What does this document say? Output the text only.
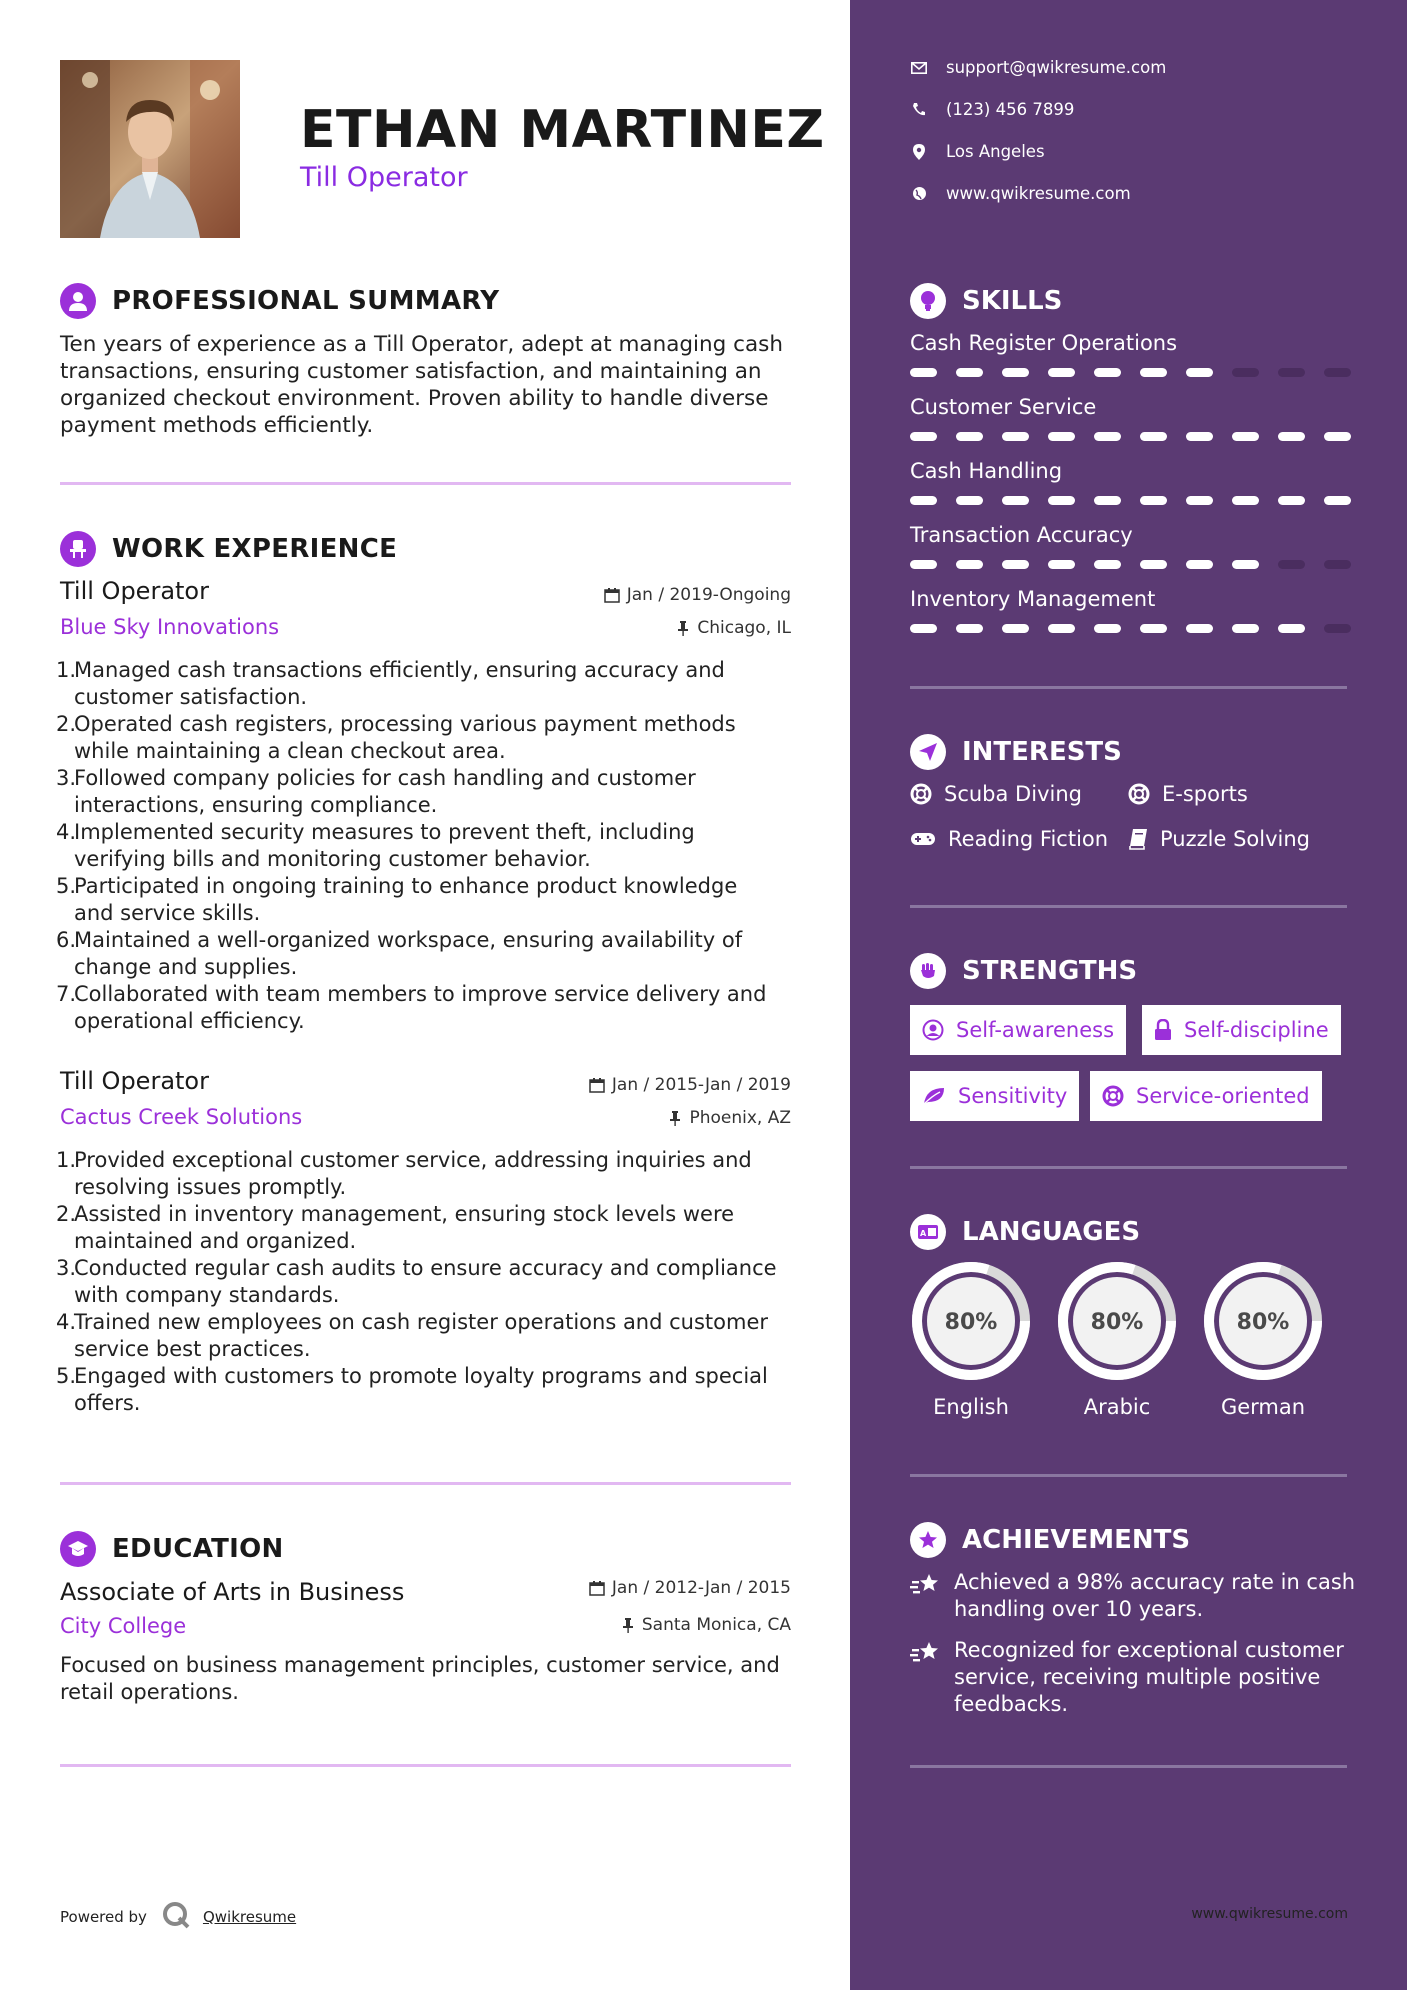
ETHAN MARTINEZ
Till Operator
PROFESSIONAL SUMMARY
Ten years of experience as a Till Operator, adept at managing cash
transactions, ensuring customer satisfaction, and maintaining an
organized checkout environment. Proven ability to handle diverse
payment methods efficiently.
WORK EXPERIENCE
Till Operator	Jan / 2019-Ongoing
Blue Sky Innovations	Chicago, IL
1.
Managed cash transactions efficiently, ensuring accuracy and
customer satisfaction.
2.
Operated cash registers, processing various payment methods
while maintaining a clean checkout area.
3.
Followed company policies for cash handling and customer
interactions, ensuring compliance.
4.
Implemented security measures to prevent theft, including
verifying bills and monitoring customer behavior.
5.
Participated in ongoing training to enhance product knowledge
and service skills.
6.
Maintained a well-organized workspace, ensuring availability of
change and supplies.
7.
Collaborated with team members to improve service delivery and
operational efficiency.
Till Operator	Jan / 2015-Jan / 2019
Cactus Creek Solutions	Phoenix, AZ
1.
Provided exceptional customer service, addressing inquiries and
resolving issues promptly.
2.
Assisted in inventory management, ensuring stock levels were
maintained and organized.
3.
Conducted regular cash audits to ensure accuracy and compliance
with company standards.
4.
Trained new employees on cash register operations and customer
service best practices.
5.
Engaged with customers to promote loyalty programs and special
offers.
EDUCATION
Associate of Arts in Business	Jan / 2012-Jan / 2015
City College	Santa Monica, CA
Focused on business management principles, customer service, and
retail operations.
Powered by	Qwikresume
support@qwikresume.com
(123) 456 7899
Los Angeles
www.qwikresume.com
SKILLS
Cash Register Operations
Customer Service
Cash Handling
Transaction Accuracy
Inventory Management
INTERESTS
Scuba Diving	E-sports
Reading Fiction Puzzle Solving
STRENGTHS
Self-awareness	Self-discipline
Sensitivity	Service-oriented
A LANGUAGES
80%
English
80%
Arabic
80%
German
ACHIEVEMENTS
Achieved a 98% accuracy rate in cash
handling over 10 years.
Recognized for exceptional customer
service, receiving multiple positive
feedbacks.
www.qwikresume.com
